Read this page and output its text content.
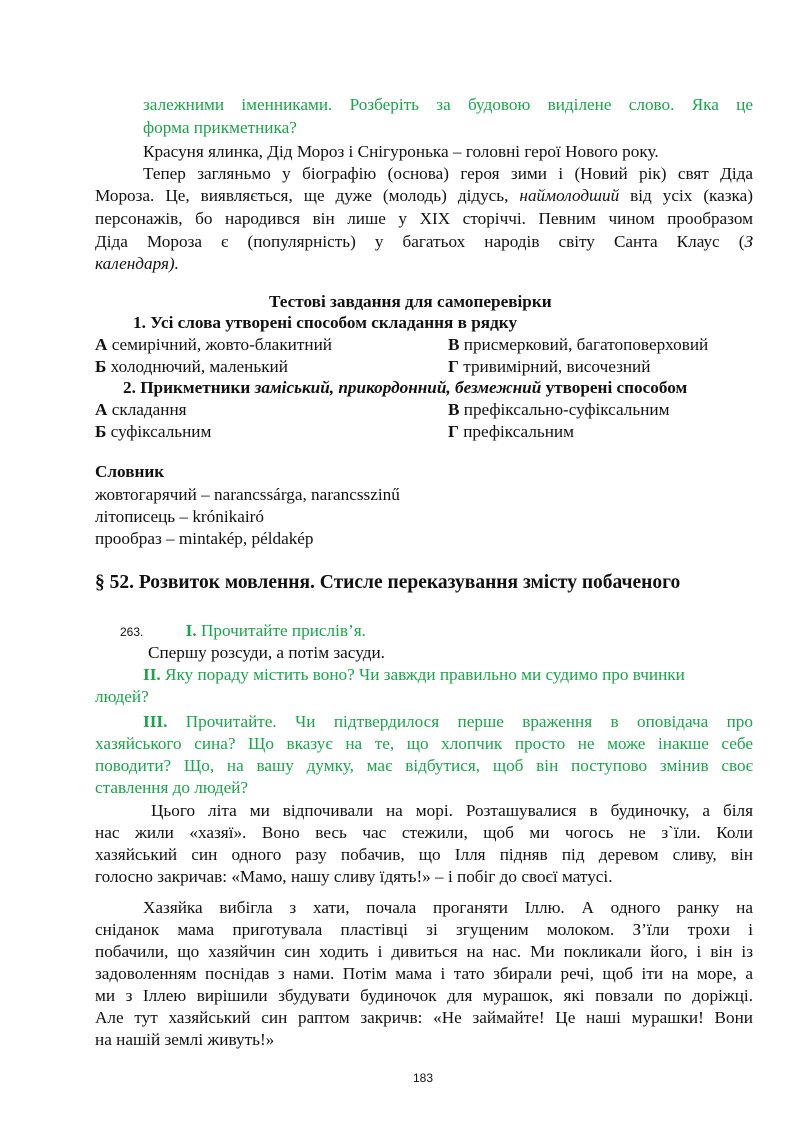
залежними іменниками. Розберіть за будовою виділене слово. Яка це
форма прикметника?
Красуня ялинка, Дід Мороз і Снігуронька – головні герої Нового року.
Тепер загляньмо у біографію (основа) героя зими і (Новий рік) свят Діда
Мороза. Це, виявляється, ще дуже (молодь) дідусь, наймолодший від усіх (казка)
персонажів, бо народився він лише у ХІХ сторіччі. Певним чином прообразом
Діда Мороза є (популярність) у багатьох народів світу Санта Клаус (З
календаря).
Тестові завдання для самоперевірки
1. Усі слова утворені способом складання в рядку
А семирічний, жовто-блакитний	В присмерковий, багатоповерховий
Б холоднючий, маленький	Г тривимірний, височезний
2. Прикметники заміський, прикордонний, безмежний утворені способом
А складання	В префіксально-суфіксальним
Б суфіксальним	Г префіксальним
Словник
жовтогарячий – narancssárga, narancsszinű
літописець – krónikairó
прообраз – mintakép, példakép
§ 52. Розвиток мовлення. Стисле переказування змісту побаченого
263. I. Прочитайте прислів’я.
Спершу розсуди, а потім засуди.
II. Яку пораду містить воно? Чи завжди правильно ми судимо про вчинки
людей?
III. Прочитайте. Чи підтвердилося перше враження в оповідача про
хазяйського сина? Що вказує на те, що хлопчик просто не може інакше себе
поводити? Що, на вашу думку, має відбутися, щоб він поступово змінив своє
ставлення до людей?
Цього літа ми відпочивали на морі. Розташувалися в будиночку, а біля
нас жили «хазяї». Воно весь час стежили, щоб ми чогось не з`їли. Коли
хазяйський син одного разу побачив, що Ілля підняв під деревом сливу, він
голосно закричав: «Мамо, нашу сливу їдять!» – і побіг до своєї матусі.
Хазяйка вибігла з хати, почала проганяти Іллю. А одного ранку на
сніданок мама приготувала пластівці зі згущеним молоком. З’їли трохи і
побачили, що хазяйчин син ходить і дивиться на нас. Ми покликали його, і він із
задоволенням поснідав з нами. Потім мама і тато збирали речі, щоб іти на море, а
ми з Іллею вирішили збудувати будиночок для мурашок, які повзали по доріжці.
Але тут хазяйський син раптом закричв: «Не займайте! Це наші мурашки! Вони
на нашій землі живуть!»
183
